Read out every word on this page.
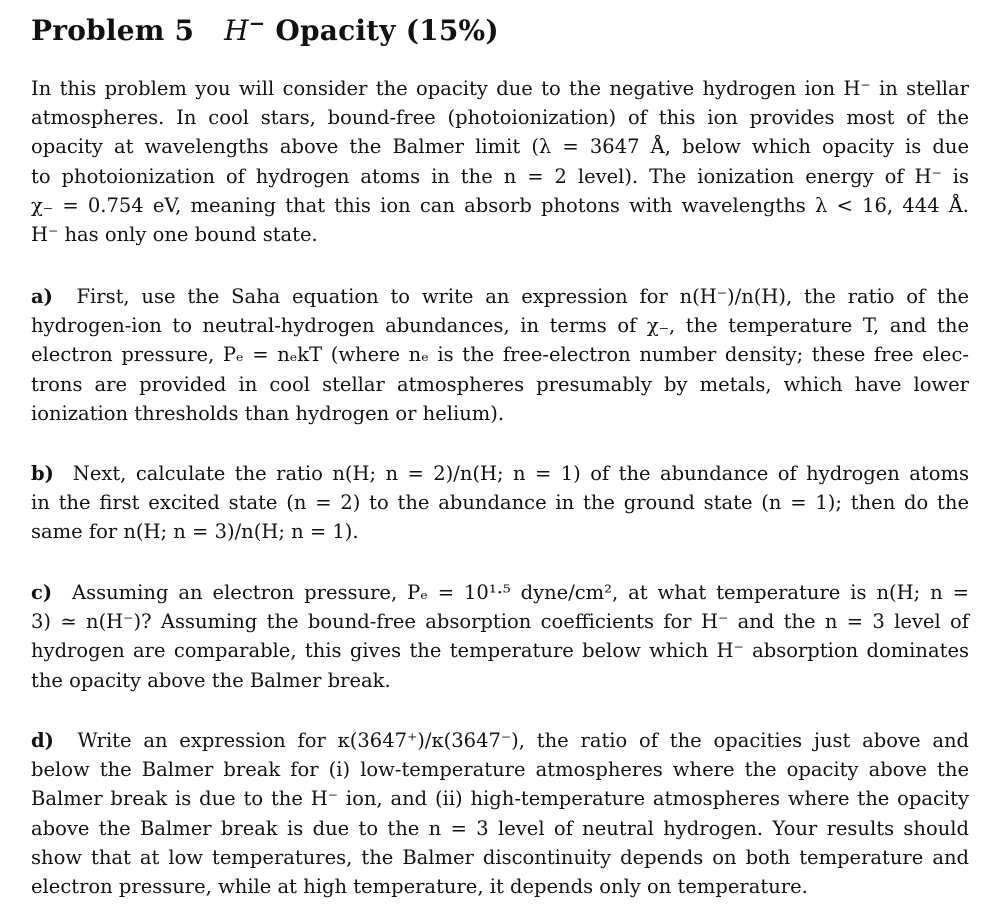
Problem 5 H− Opacity (15%)
In this problem you will consider the opacity due to the negative hydrogen ion H⁻ in stellar
atmospheres. In cool stars, bound-free (photoionization) of this ion provides most of the
opacity at wavelengths above the Balmer limit (λ = 3647 Å, below which opacity is due
to photoionization of hydrogen atoms in the n = 2 level). The ionization energy of H⁻ is
χ₋ = 0.754 eV, meaning that this ion can absorb photons with wavelengths λ < 16, 444 Å.
H⁻ has only one bound state.
a) First, use the Saha equation to write an expression for n(H⁻)/n(H), the ratio of the
hydrogen-ion to neutral-hydrogen abundances, in terms of χ₋, the temperature T, and the
electron pressure, Pₑ = nₑkT (where nₑ is the free-electron number density; these free elec-
trons are provided in cool stellar atmospheres presumably by metals, which have lower
ionization thresholds than hydrogen or helium).
b) Next, calculate the ratio n(H; n = 2)/n(H; n = 1) of the abundance of hydrogen atoms
in the first excited state (n = 2) to the abundance in the ground state (n = 1); then do the
same for n(H; n = 3)/n(H; n = 1).
c) Assuming an electron pressure, Pₑ = 10¹·⁵ dyne/cm², at what temperature is n(H; n =
3) ≃ n(H⁻)? Assuming the bound-free absorption coefficients for H⁻ and the n = 3 level of
hydrogen are comparable, this gives the temperature below which H⁻ absorption dominates
the opacity above the Balmer break.
d) Write an expression for κ(3647⁺)/κ(3647⁻), the ratio of the opacities just above and
below the Balmer break for (i) low-temperature atmospheres where the opacity above the
Balmer break is due to the H⁻ ion, and (ii) high-temperature atmospheres where the opacity
above the Balmer break is due to the n = 3 level of neutral hydrogen. Your results should
show that at low temperatures, the Balmer discontinuity depends on both temperature and
electron pressure, while at high temperature, it depends only on temperature.
